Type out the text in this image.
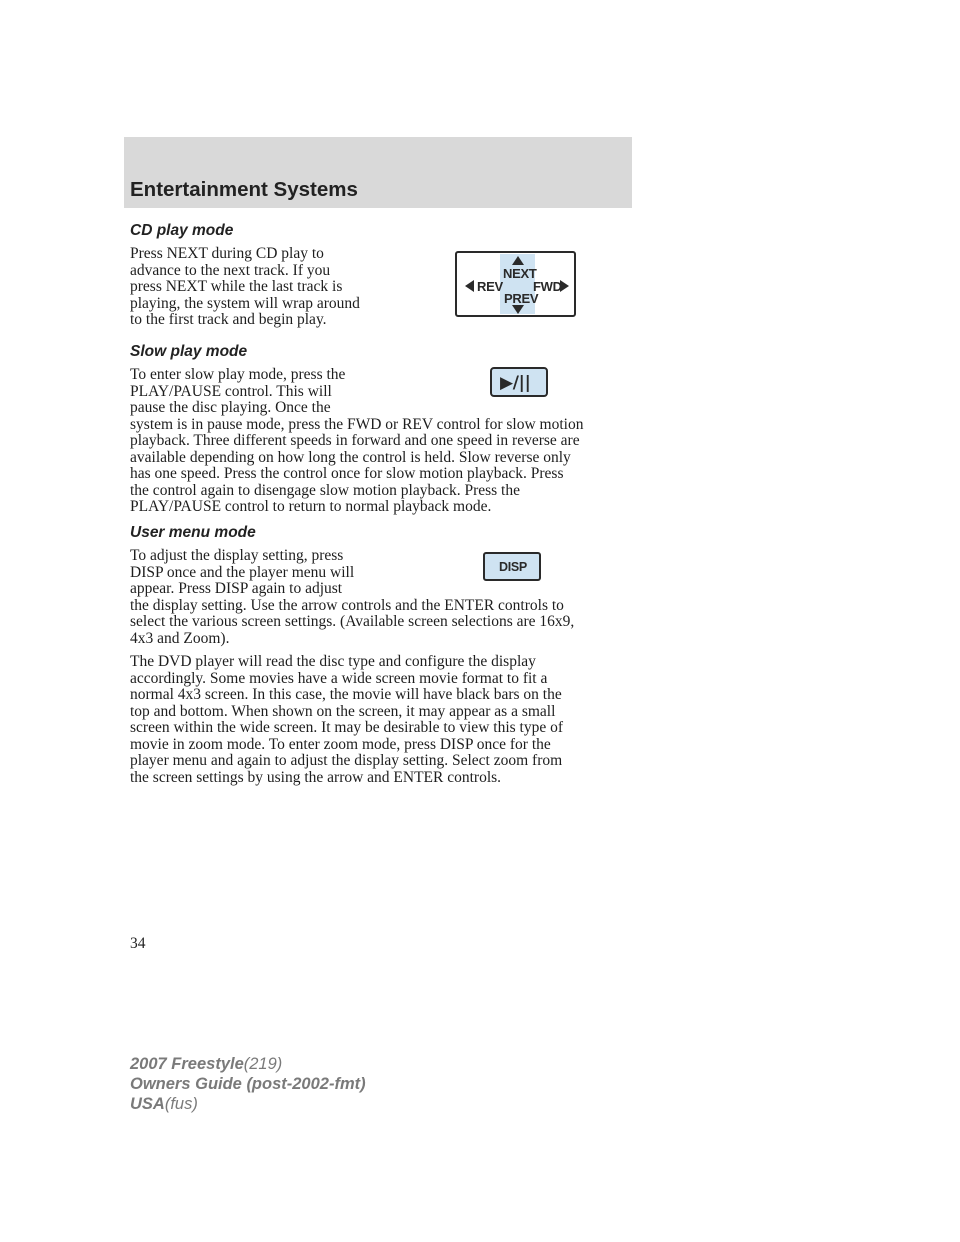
Entertainment Systems
CD play mode
Press NEXT during CD play to
advance to the next track. If you
press NEXT while the last track is
playing, the system will wrap around
to the first track and begin play.
NEXT
PREV
REV FWD
Slow play mode
To enter slow play mode, press the
PLAY/PAUSE control. This will
pause the disc playing. Once the
system is in pause mode, press the FWD or REV control for slow motion
playback. Three different speeds in forward and one speed in reverse are
available depending on how long the control is held. Slow reverse only
has one speed. Press the control once for slow motion playback. Press
the control again to disengage slow motion playback. Press the
PLAY/PAUSE control to return to normal playback mode.
▶/||
User menu mode
To adjust the display setting, press
DISP once and the player menu will
appear. Press DISP again to adjust
the display setting. Use the arrow controls and the ENTER controls to
select the various screen settings. (Available screen selections are 16x9,
4x3 and Zoom).
DISP
The DVD player will read the disc type and configure the display
accordingly. Some movies have a wide screen movie format to fit a
normal 4x3 screen. In this case, the movie will have black bars on the
top and bottom. When shown on the screen, it may appear as a small
screen within the wide screen. It may be desirable to view this type of
movie in zoom mode. To enter zoom mode, press DISP once for the
player menu and again to adjust the display setting. Select zoom from
the screen settings by using the arrow and ENTER controls.
34
2007 Freestyle(219)
Owners Guide (post-2002-fmt)
USA(fus)
